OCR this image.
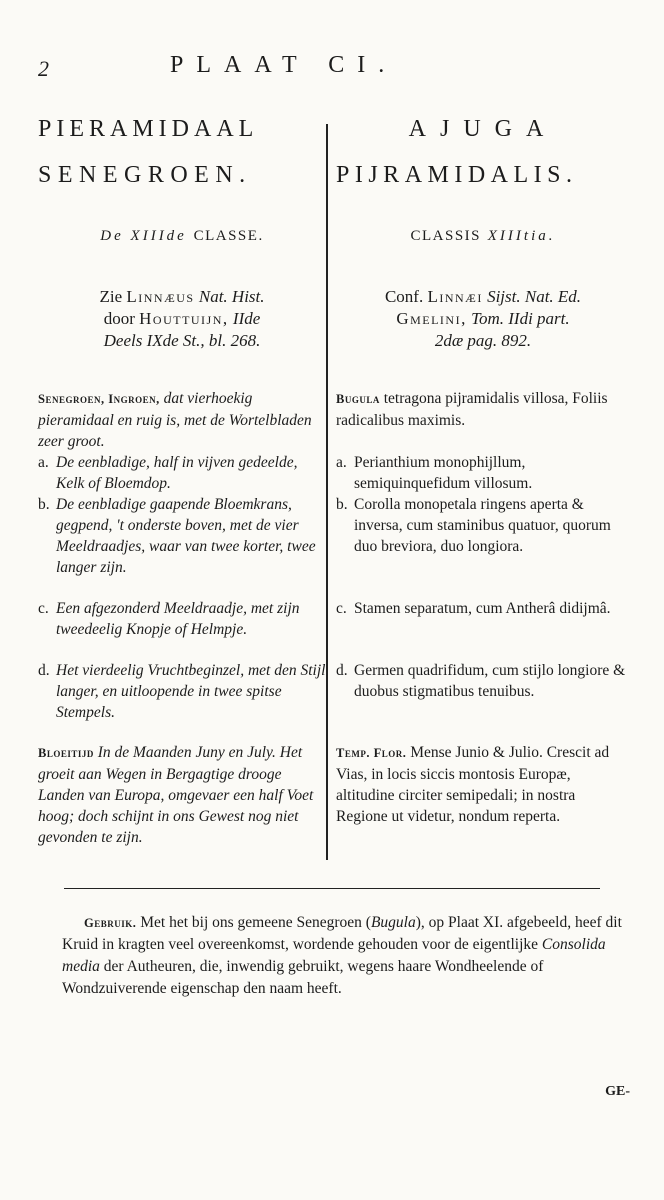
2	PLAAT CI.
PIERAMIDAAL
SENEGROEN.
De XIIIde CLASSE.
Zie Linnæus Nat. Hist.
door Houttuijn, IIde
Deels IXde St., bl. 268.
Senegroen, Ingroen, dat vierhoekig pieramidaal en ruig is, met de Wortelbladen zeer groot.
a. De eenbladige, half in vijven gedeelde, Kelk of Bloemdop.
b. De eenbladige gaapende Bloemkrans, gegpend, 't onderste boven, met de vier Meeldraadjes, waar van twee korter, twee langer zijn.
c. Een afgezonderd Meeldraadje, met zijn tweedeelig Knopje of Helmpje.
d. Het vierdeelig Vruchtbeginzel, met den Stijl langer, en uitloopende in twee spitse Stempels.
Bloeitijd In de Maanden Juny en July. Het groeit aan Wegen in Bergagtige drooge Landen van Europa, omgevaer een half Voet hoog; doch schijnt in ons Gewest nog niet gevonden te zijn.
AJUGA
PIJRAMIDALIS.
CLASSIS XIIItia.
Conf. Linnæi Sijst. Nat. Ed.
Gmelini, Tom. IIdi part.
2dæ pag. 892.
Bugula tetragona pijramidalis villosa, Foliis radicalibus maximis.
a. Perianthium monophijllum, semiquinquefidum villosum.
b. Corolla monopetala ringens aperta & inversa, cum staminibus quatuor, quorum duo breviora, duo longiora.
c. Stamen separatum, cum Antherâ didijmâ.
d. Germen quadrifidum, cum stijlo longiore & duobus stigmatibus tenuibus.
Temp. Flor. Mense Junio & Julio. Crescit ad Vias, in locis siccis montosis Europæ, altitudine circiter semipedali; in nostra Regione ut videtur, nondum reperta.
Gebruik. Met het bij ons gemeene Senegroen (Bugula), op Plaat XI. afgebeeld, heef dit Kruid in kragten veel overeenkomst, wordende gehouden voor de eigentlijke Consolida media der Autheuren, die, inwendig gebruikt, wegens haare Wondheelende of Wondzuiverende eigenschap den naam heeft.
GE-
